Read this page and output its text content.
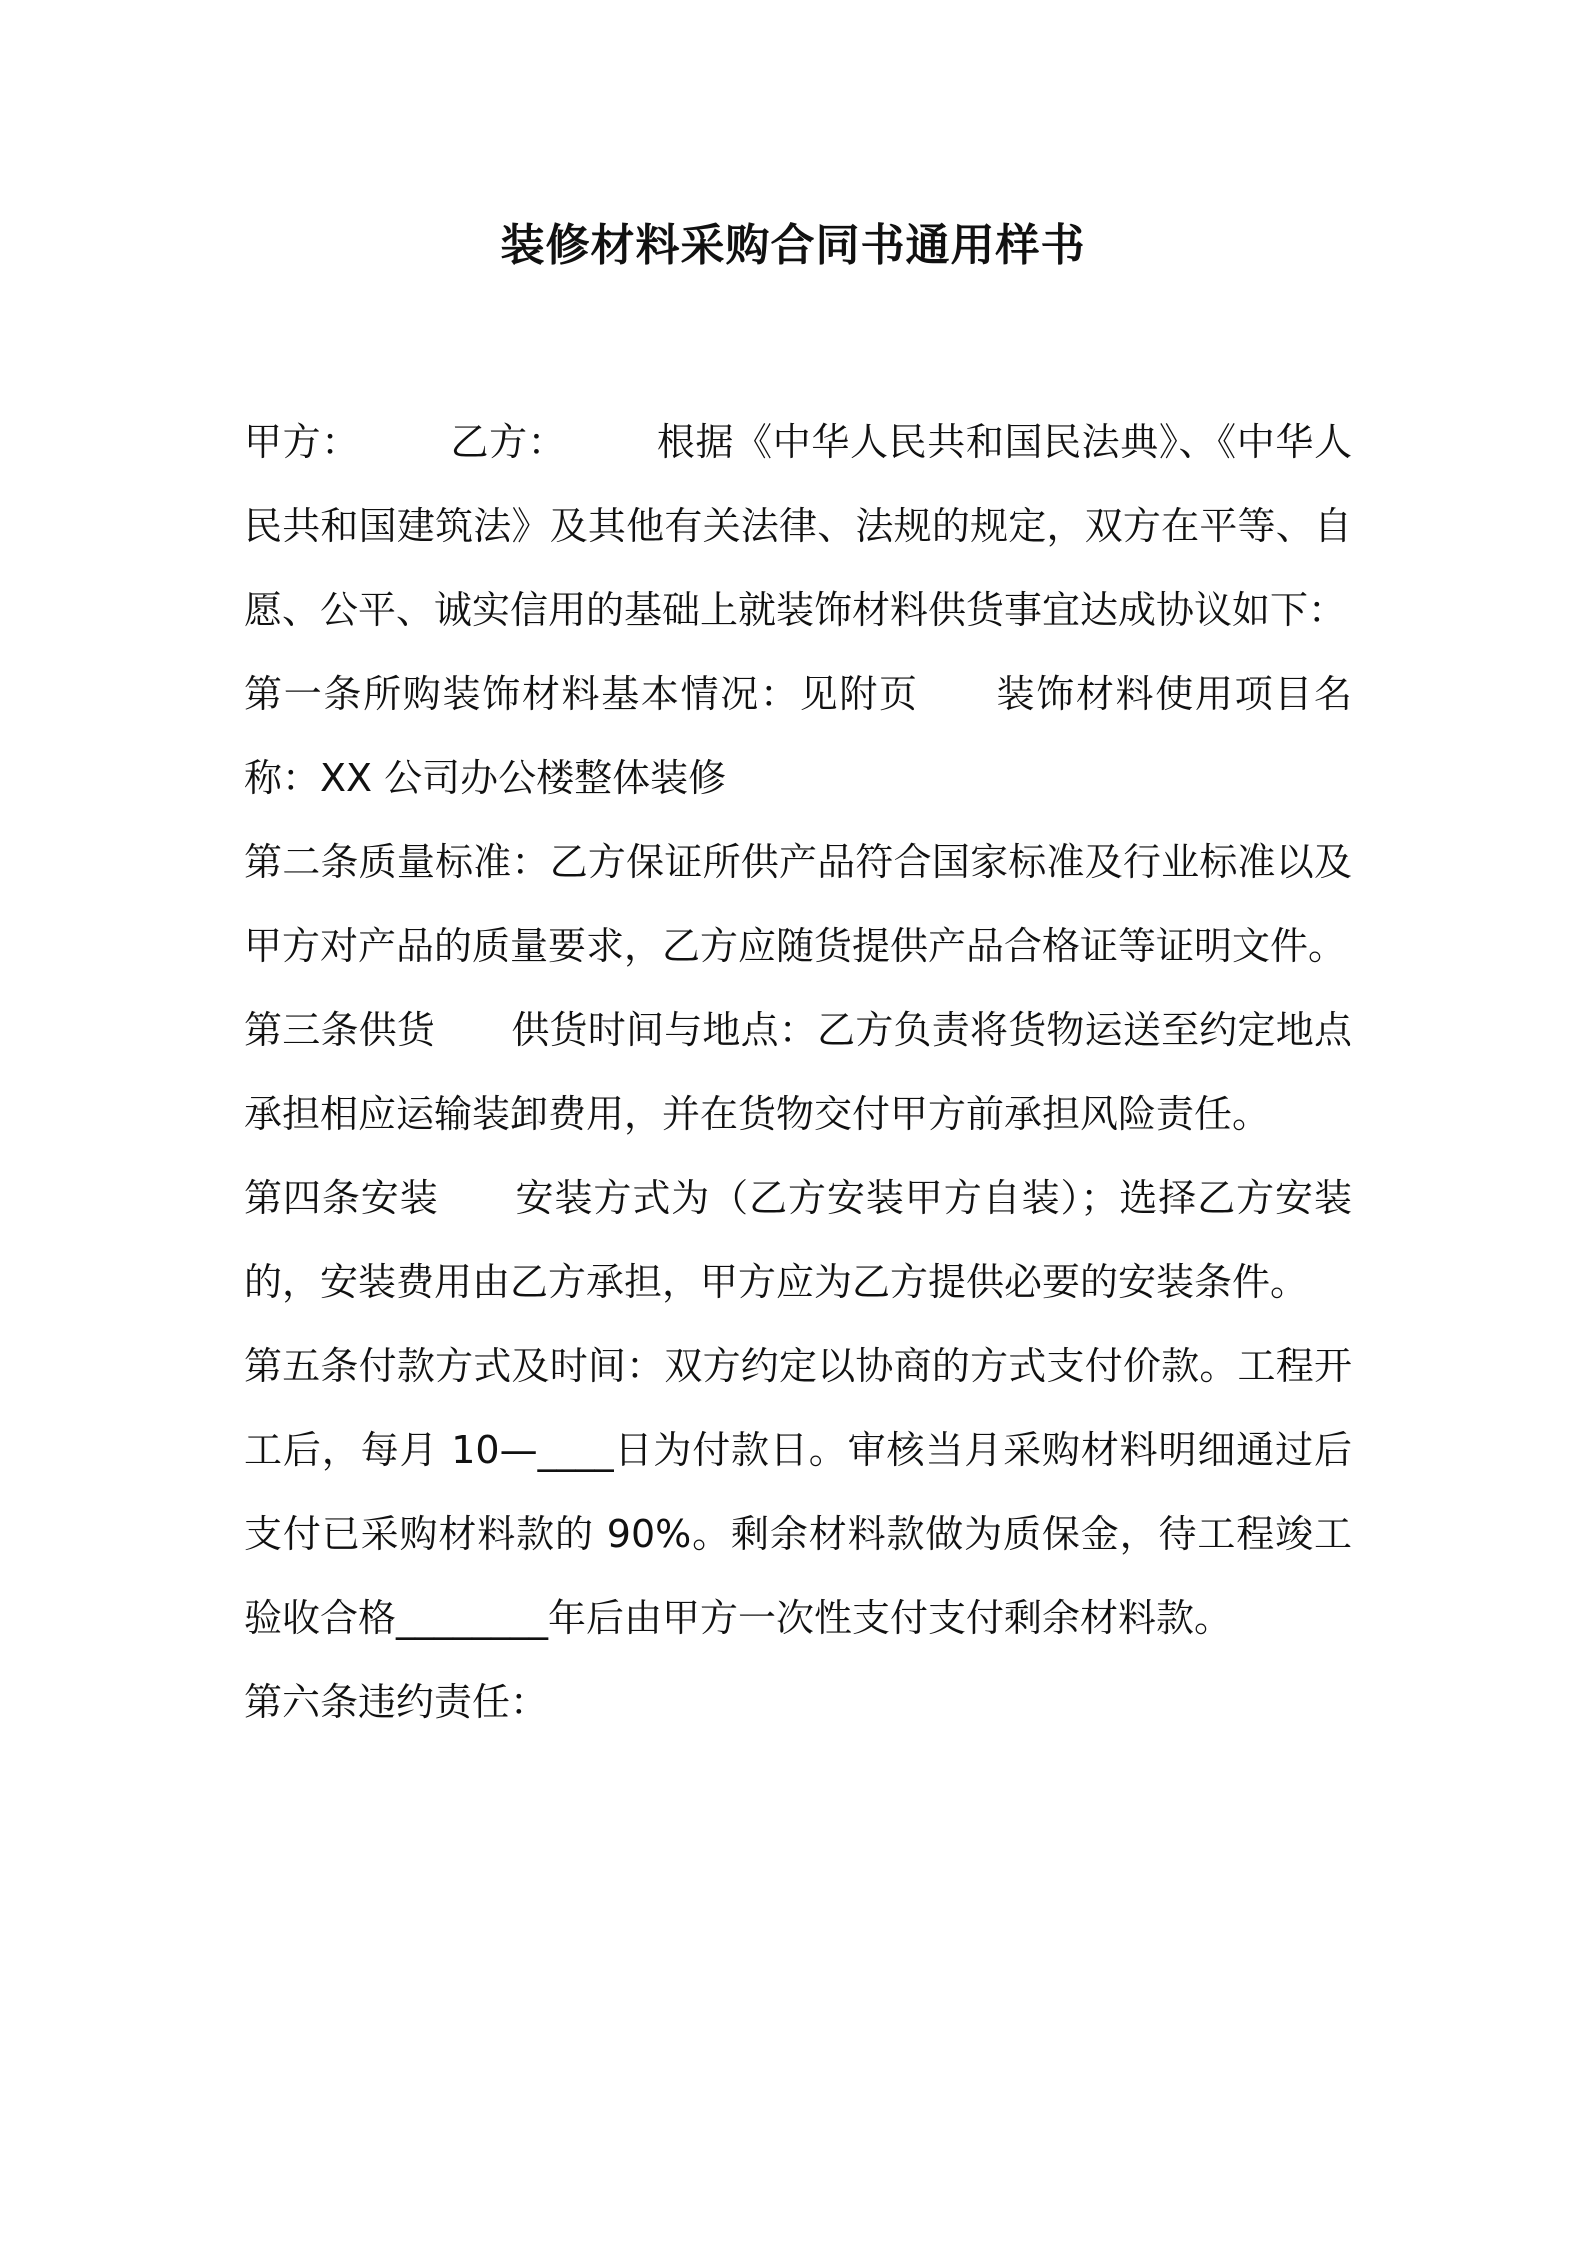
装修材料采购合同书通用样书

甲方： 乙方： 根据《中华人民共和国民法典》、《中华人民共和国建筑法》及其他有关法律、法规的规定，双方在平等、自愿、公平、诚实信用的基础上就装饰材料供货事宜达成协议如下：

第一条所购装饰材料基本情况：见附页 装饰材料使用项目名称：XX 公司办公楼整体装修

第二条质量标准：乙方保证所供产品符合国家标准及行业标准以及甲方对产品的质量要求，乙方应随货提供产品合格证等证明文件。

第三条供货 供货时间与地点：乙方负责将货物运送至约定地点承担相应运输装卸费用，并在货物交付甲方前承担风险责任。

第四条安装 安装方式为（乙方安装甲方自装）；选择乙方安装的，安装费用由乙方承担，甲方应为乙方提供必要的安装条件。

第五条付款方式及时间：双方约定以协商的方式支付价款。工程开工后，每月 10—____日为付款日。审核当月采购材料明细通过后支付已采购材料款的 90%。剩余材料款做为质保金，待工程竣工验收合格________年后由甲方一次性支付支付剩余材料款。

第六条违约责任：
